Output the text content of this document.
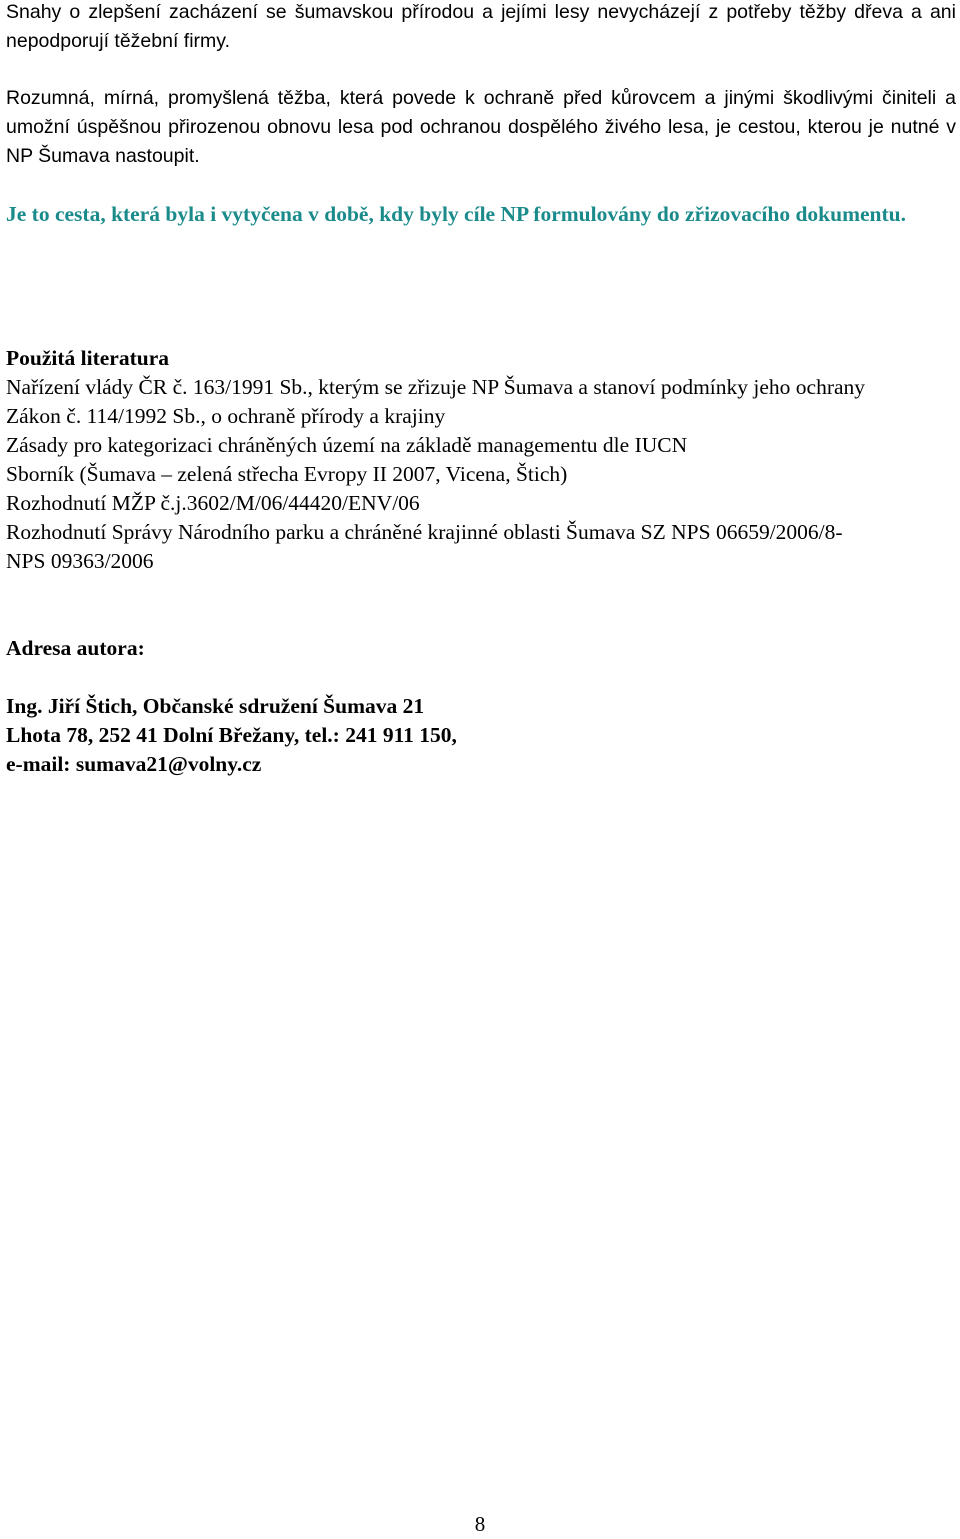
Snahy o zlepšení zacházení se šumavskou přírodou a jejími lesy nevycházejí z potřeby těžby dřeva a ani nepodporují těžební firmy.

Rozumná, mírná, promyšlená těžba, která povede k ochraně před kůrovcem a jinými škodlivými činiteli a umožní úspěšnou přirozenou obnovu lesa pod ochranou dospělého živého lesa, je cestou, kterou je nutné v NP Šumava nastoupit.

Je to cesta, která byla i vytyčena v době, kdy byly cíle NP formulovány do zřizovacího dokumentu.

Použitá literatura
Nařízení vlády ČR č. 163/1991 Sb., kterým se zřizuje NP Šumava a stanoví podmínky jeho ochrany
Zákon č. 114/1992 Sb., o ochraně přírody a krajiny
Zásady pro kategorizaci chráněných území na základě managementu dle IUCN
Sborník (Šumava – zelená střecha Evropy II 2007, Vicena, Štich)
Rozhodnutí MŽP č.j.3602/M/06/44420/ENV/06
Rozhodnutí Správy Národního parku a chráněné krajinné oblasti Šumava SZ NPS 06659/2006/8-NPS 09363/2006
Adresa autora:
Ing. Jiří Štich, Občanské sdružení Šumava 21
Lhota 78, 252 41 Dolní Břežany, tel.: 241 911 150,
e-mail: sumava21@volny.cz
8
